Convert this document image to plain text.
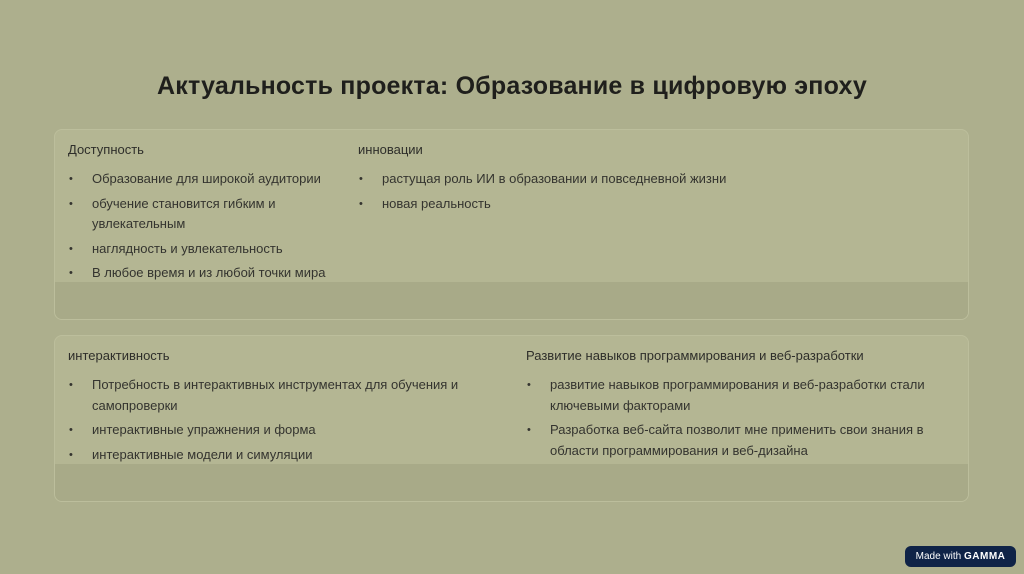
Актуальность проекта: Образование в цифровую эпоху
Доступность
• Образование для широкой аудитории
• обучение становится гибким и увлекательным
• наглядность и увлекательность
• В любое время и из любой точки мира
инновации
• растущая роль ИИ в образовании и повседневной жизни
• новая реальность
интерактивность
• Потребность в интерактивных инструментах для обучения и самопроверки
• интерактивные упражнения и форма
• интерактивные модели и симуляции
Развитие навыков программирования и веб-разработки
• развитие навыков программирования и веб-разработки стали ключевыми факторами
• Разработка веб-сайта позволит мне применить свои знания в области программирования и веб-дизайна
Made with GAMMA
